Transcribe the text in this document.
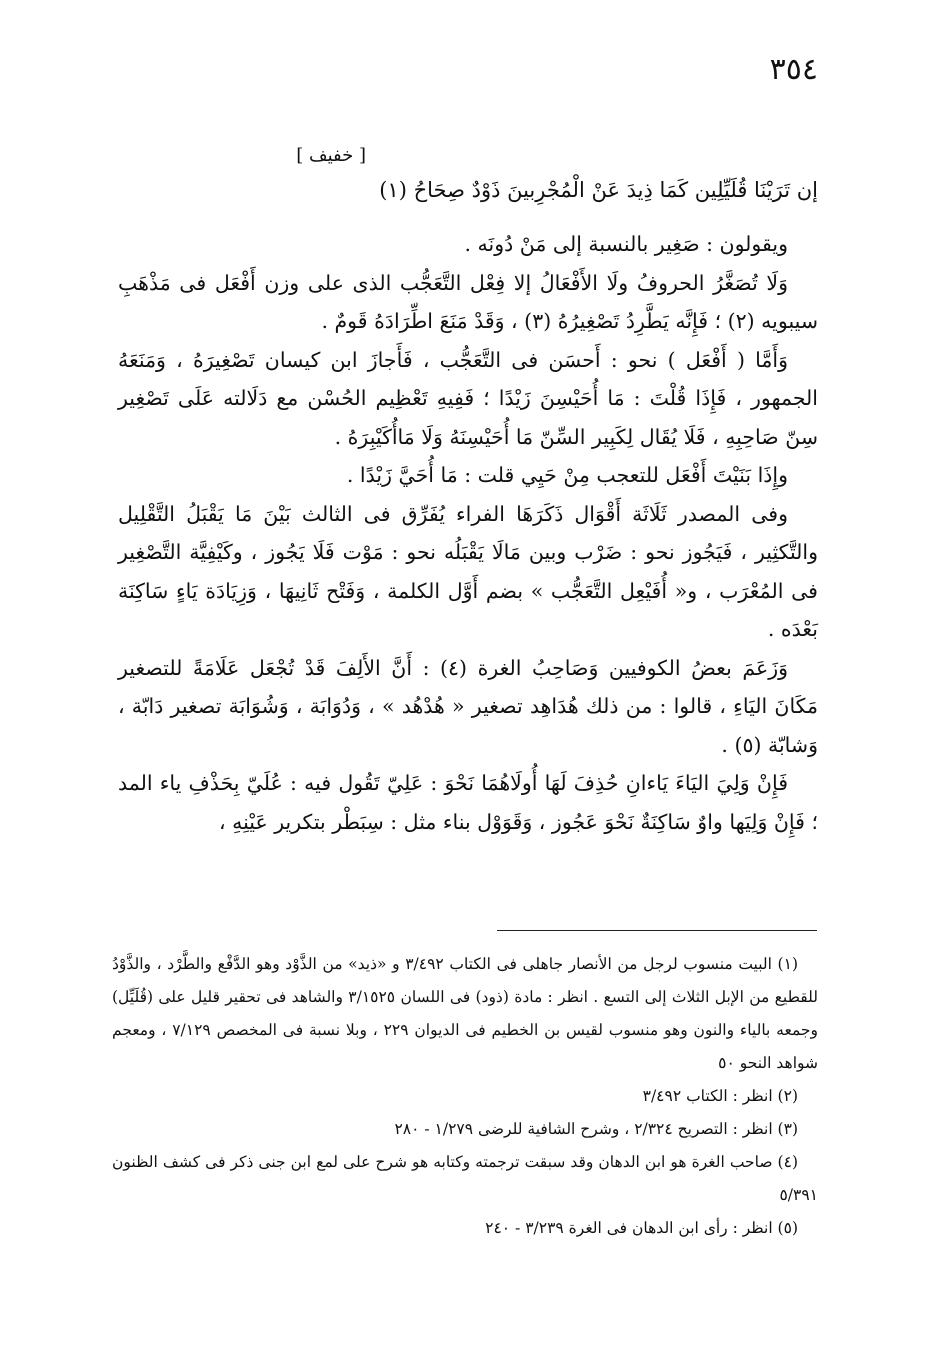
٣٥٤
[ خفيف ]
إن تَرَيْنَا قُلَيِّلِين كَمَا ذِيدَ عَنْ الْمُجْرِبينَ ذَوْدٌ صِحَاحُ (١)

ويقولون : صَغِير بالنسبة إلى مَنْ دُونَه .

وَلَا تُصَغَّرُ الحروفُ ولَا الأَفْعَالُ إلا فِعْل التَّعَجُّب الذى على وزن أَفْعَل فى مَذْهَبِ سيبويه (٢) ؛ فَإِنَّه يَطَّرِدُ تَصْغِيرُهُ (٣) ، وَقَدْ مَنَعَ اطِّرَادَهُ قَومٌ .

وَأَمَّا ( أَفْعَل ) نحو : أَحسَن فى التَّعَجُّب ، فَأَجازَ ابن كيسان تَصْغِيرَهُ ، وَمَنَعَهُ الجمهور ، فَإِذَا قُلْتَ : مَا أُحَيْسِنَ زَيْدًا ؛ فَفِيهِ تَعْظِيم الحُسْن مع دَلَالته عَلَى تَصْغِير سِنّ صَاحِبِهِ ، فَلَا يُقَال لِكَبِير السِّنّ مَا أُحَيْسِنَهُ وَلَا مَاأُكَيْبِرَهُ .

وإِذَا بَنَيْتَ أَفْعَل للتعجب مِنْ حَيِي قلت : مَا أُحَيَّ زَيْدًا .

وفى المصدر ثَلَاثَة أَقْوَال ذَكَرَهَا الفراء يُفَرِّق فى الثالث بَيْنَ مَا يَقْبَلُ التَّقْلِيل والتَّكثِير ، فَيَجُوز نحو : ضَرْب وبين مَالَا يَقْبَلُه نحو : مَوْت فَلَا يَجُوز ، وكَيْفِيَّة التَّصْغِير فى المُعْرَب ، و« أُفَيْعِل التَّعَجُّب » بضم أَوَّل الكلمة ، وَفَتْح ثَانِيهَا ، وَزِيَادَة يَاءٍ سَاكِنَة بَعْدَه .

وَزَعَمَ بعضُ الكوفيين وَصَاحِبُ الغرة (٤) : أَنَّ الأَلِفَ قَدْ تُجْعَل عَلَامَةً للتصغير مَكَانَ اليَاءِ ، قالوا : من ذلك هُدَاهِد تصغير « هُدْهُد » ، وَدُوَابَة ، وَشُوَابَة تصغير دَابّة ، وَشابّة (٥) .

فَإِنْ وَلِيَ اليَاءَ يَاءانِ حُذِفَ لَهَا أُولَاهُمَا نَحْوَ : عَلِيّ تَقُول فيه : عُلَيّ بِحَذْفِ ياء المد ؛ فَإِنْ وَلِيَها واوٌ سَاكِنَةٌ نَحْوَ عَجُوز ، وَقَوَوْل بناء مثل : سِبَطْر بتكرير عَيْنِهِ ،

(١) البيت منسوب لرجل من الأنصار جاهلى فى الكتاب ٣/٤٩٢ و «ذيد» من الذَّوْد وهو الدَّفْع والطَّرْد ، والذَّوْدُ للقطيع من الإبل الثلاث إلى التسع . انظر : مادة (ذود) فى اللسان ٣/١٥٢٥ والشاهد فى تحقير قليل على (قُلَيِّل) وجمعه بالياء والنون وهو منسوب لقيس بن الخطيم فى الديوان ٢٢٩ ، وبلا نسبة فى المخصص ٧/١٢٩ ، ومعجم شواهد النحو ٥٠

(٢) انظر : الكتاب ٣/٤٩٢

(٣) انظر : التصريح ٢/٣٢٤ ، وشرح الشافية للرضى ١/٢٧٩ - ٢٨٠

(٤) صاحب الغرة هو ابن الدهان وقد سبقت ترجمته وكتابه هو شرح على لمع ابن جنى ذكر فى كشف الظنون ٥/٣٩١

(٥) انظر : رأى ابن الدهان فى الغرة ٣/٢٣٩ - ٢٤٠
